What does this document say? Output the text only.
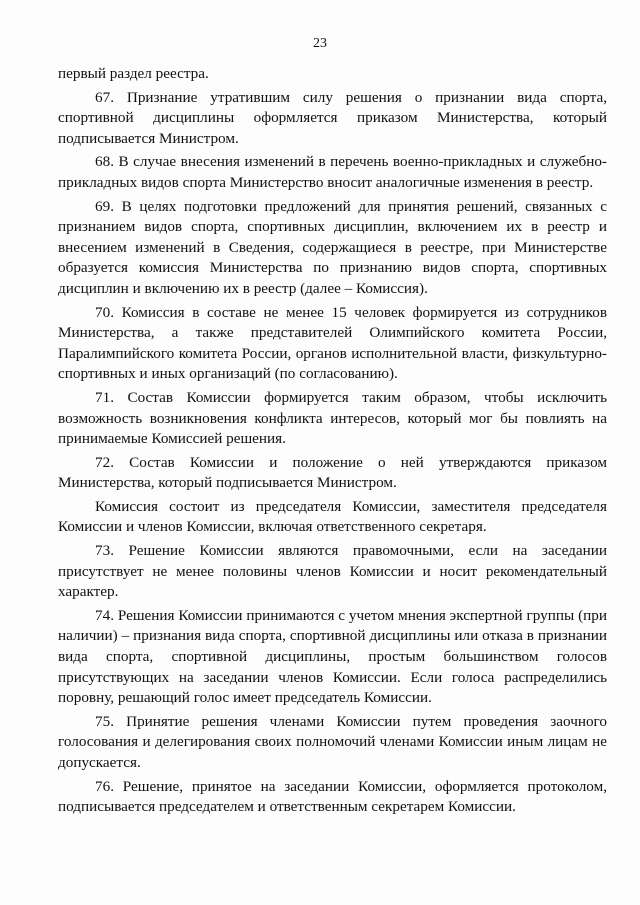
23

первый раздел реестра.

67. Признание утратившим силу решения о признании вида спорта, спортивной дисциплины оформляется приказом Министерства, который подписывается Министром.

68. В случае внесения изменений в перечень военно-прикладных и служебно-прикладных видов спорта Министерство вносит аналогичные изменения в реестр.

69. В целях подготовки предложений для принятия решений, связанных с признанием видов спорта, спортивных дисциплин, включением их в реестр и внесением изменений в Сведения, содержащиеся в реестре, при Министерстве образуется комиссия Министерства по признанию видов спорта, спортивных дисциплин и включению их в реестр (далее – Комиссия).

70. Комиссия в составе не менее 15 человек формируется из сотрудников Министерства, а также представителей Олимпийского комитета России, Паралимпийского комитета России, органов исполнительной власти, физкультурно-спортивных и иных организаций (по согласованию).

71. Состав Комиссии формируется таким образом, чтобы исключить возможность возникновения конфликта интересов, который мог бы повлиять на принимаемые Комиссией решения.

72. Состав Комиссии и положение о ней утверждаются приказом Министерства, который подписывается Министром.

Комиссия состоит из председателя Комиссии, заместителя председателя Комиссии и членов Комиссии, включая ответственного секретаря.

73. Решение Комиссии являются правомочными, если на заседании присутствует не менее половины членов Комиссии и носит рекомендательный характер.

74. Решения Комиссии принимаются с учетом мнения экспертной группы (при наличии) – признания вида спорта, спортивной дисциплины или отказа в признании вида спорта, спортивной дисциплины, простым большинством голосов присутствующих на заседании членов Комиссии. Если голоса распределились поровну, решающий голос имеет председатель Комиссии.

75. Принятие решения членами Комиссии путем проведения заочного голосования и делегирования своих полномочий членами Комиссии иным лицам не допускается.

76. Решение, принятое на заседании Комиссии, оформляется протоколом, подписывается председателем и ответственным секретарем Комиссии.
